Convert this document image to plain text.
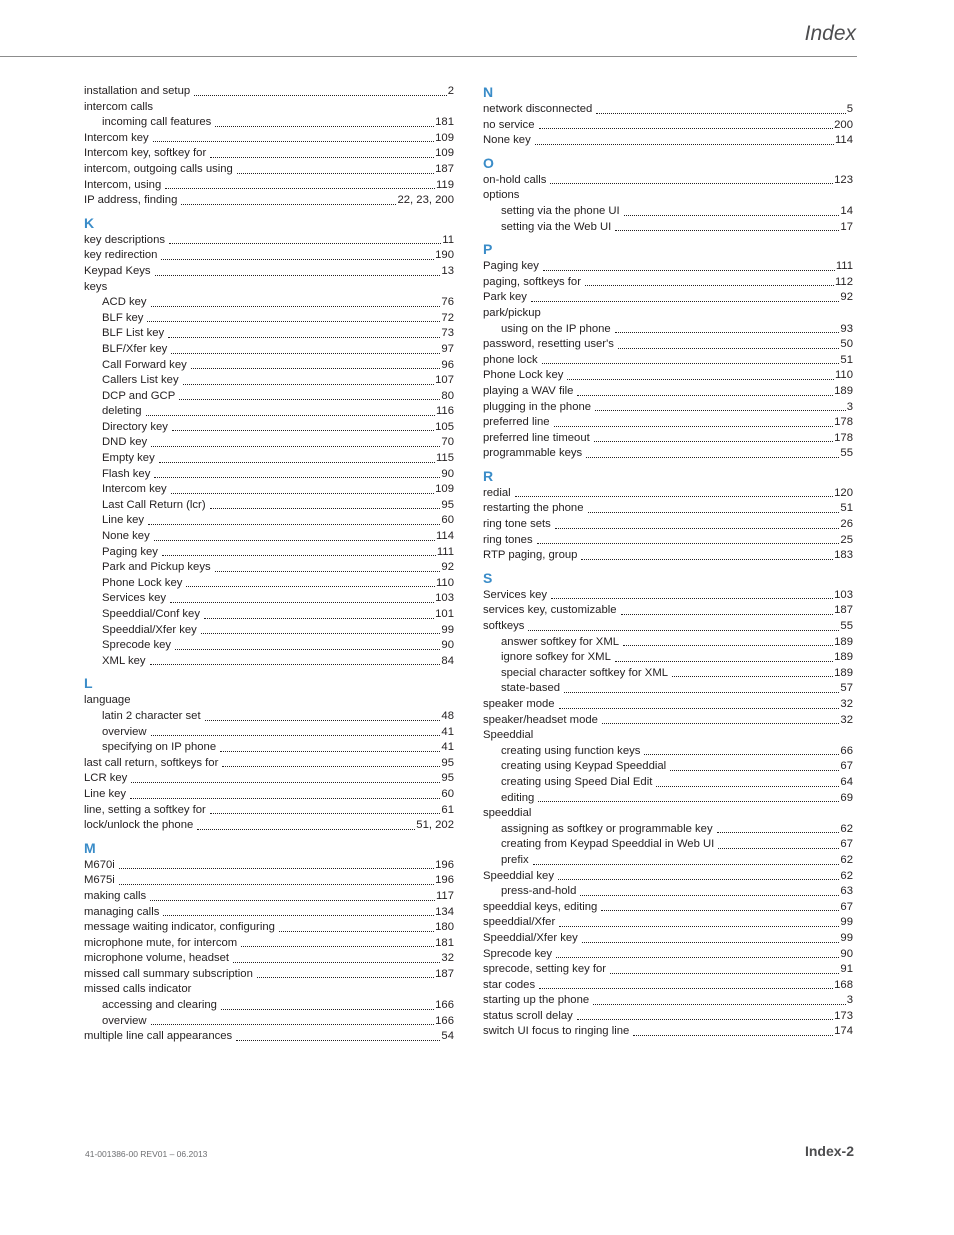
Index
installation and setup	2
intercom calls
incoming call features	181
Intercom key	109
Intercom key, softkey for	109
intercom, outgoing calls using	187
Intercom, using	119
IP address, finding	22, 23, 200
K
key descriptions	11
key redirection	190
Keypad Keys	13
keys
ACD key	76
BLF key	72
BLF List key	73
BLF/Xfer key	97
Call Forward key	96
Callers List key	107
DCP and GCP	80
deleting	116
Directory key	105
DND key	70
Empty key	115
Flash key	90
Intercom key	109
Last Call Return (lcr)	95
Line key	60
None key	114
Paging key	111
Park and Pickup keys	92
Phone Lock key	110
Services key	103
Speeddial/Conf key	101
Speeddial/Xfer key	99
Sprecode key	90
XML key	84
L
language
latin 2 character set	48
overview	41
specifying on IP phone	41
last call return, softkeys for	95
LCR key	95
Line key	60
line, setting a softkey for	61
lock/unlock the phone	51, 202
M
M670i	196
M675i	196
making calls	117
managing calls	134
message waiting indicator, configuring	180
microphone mute, for intercom	181
microphone volume, headset	32
missed call summary subscription	187
missed calls indicator
accessing and clearing	166
overview	166
multiple line call appearances	54
N
network disconnected	5
no service	200
None key	114
O
on-hold calls	123
options
setting via the phone UI	14
setting via the Web UI	17
P
Paging key	111
paging, softkeys for	112
Park key	92
park/pickup
using on the IP phone	93
password, resetting user's	50
phone lock	51
Phone Lock key	110
playing a WAV file	189
plugging in the phone	3
preferred line	178
preferred line timeout	178
programmable keys	55
R
redial	120
restarting the phone	51
ring tone sets	26
ring tones	25
RTP paging, group	183
S
Services key	103
services key, customizable	187
softkeys	55
answer softkey for XML	189
ignore sofkey for XML	189
special character softkey for XML	189
state-based	57
speaker mode	32
speaker/headset mode	32
Speeddial
creating using function keys	66
creating using Keypad Speeddial	67
creating using Speed Dial Edit	64
editing	69
speeddial
assigning as softkey or programmable key	62
creating from Keypad Speeddial in Web UI	67
prefix	62
Speeddial key	62
press-and-hold	63
speeddial keys, editing	67
speeddial/Xfer	99
Speeddial/Xfer key	99
Sprecode key	90
sprecode, setting key for	91
star codes	168
starting up the phone	3
status scroll delay	173
switch UI focus to ringing line	174
41-001386-00 REV01 – 06.2013	Index-2
